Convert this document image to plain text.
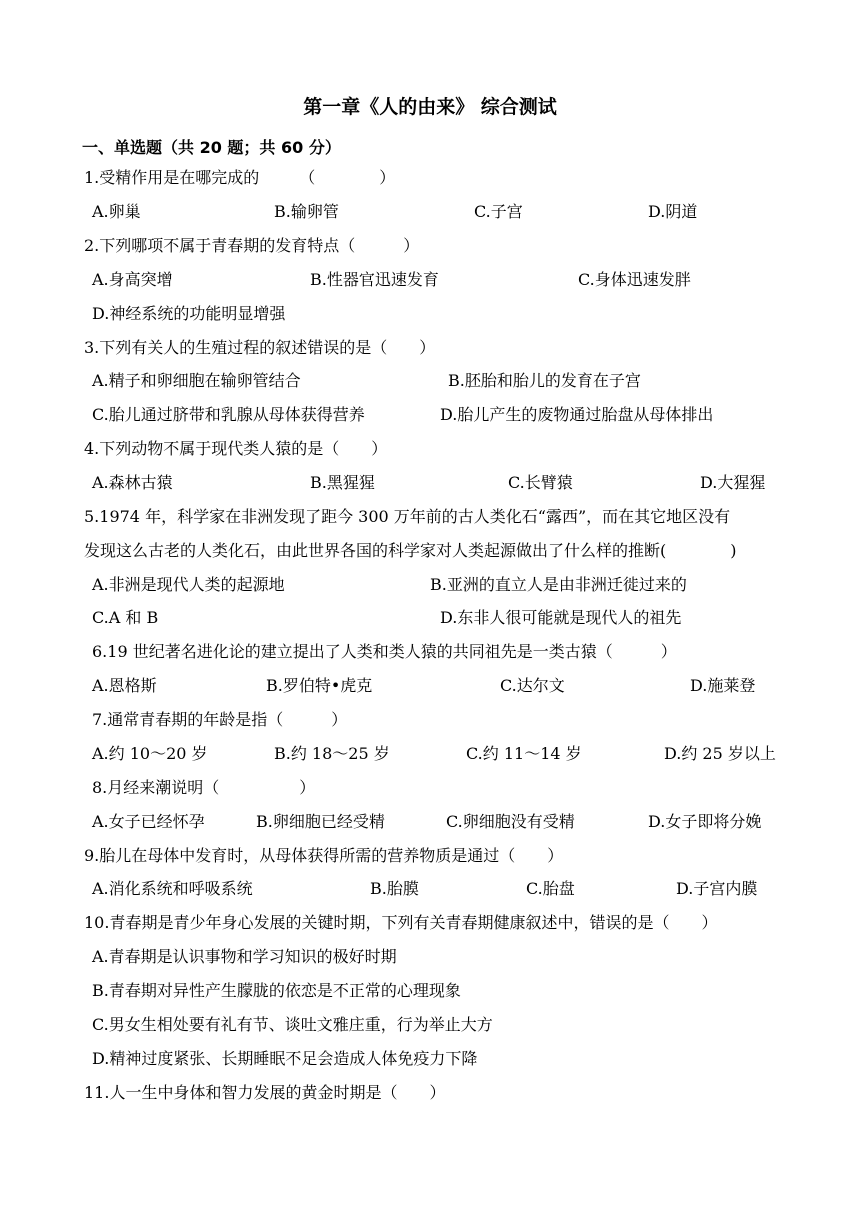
第一章《人的由来》 综合测试
一、单选题（共 20 题；共 60 分）
1.受精作用是在哪完成的　　　（　　　　）
A.卵巢	B.输卵管	C.子宫	D.阴道
2.下列哪项不属于青春期的发育特点（　　　）
A.身高突增	B.性器官迅速发育	C.身体迅速发胖
D.神经系统的功能明显增强
3.下列有关人的生殖过程的叙述错误的是（　　）
A.精子和卵细胞在输卵管结合	B.胚胎和胎儿的发育在子宫
C.胎儿通过脐带和乳腺从母体获得营养	D.胎儿产生的废物通过胎盘从母体排出
4.下列动物不属于现代类人猿的是（　　）
A.森林古猿	B.黑猩猩	C.长臂猿	D.大猩猩
5.1974 年，科学家在非洲发现了距今 300 万年前的古人类化石“露西”，而在其它地区没有
发现这么古老的人类化石，由此世界各国的科学家对人类起源做出了什么样的推断(　　　　)
A.非洲是现代人类的起源地	B.亚洲的直立人是由非洲迁徙过来的
C.A 和 B	D.东非人很可能就是现代人的祖先
6.19 世纪著名进化论的建立提出了人类和类人猿的共同祖先是一类古猿（　　　）
A.恩格斯	B.罗伯特•虎克	C.达尔文	D.施莱登
7.通常青春期的年龄是指（　　　）
A.约 10～20 岁	B.约 18～25 岁	C.约 11～14 岁	D.约 25 岁以上
8.月经来潮说明（　　　　　）
A.女子已经怀孕	B.卵细胞已经受精	C.卵细胞没有受精	D.女子即将分娩
9.胎儿在母体中发育时，从母体获得所需的营养物质是通过（　　）
A.消化系统和呼吸系统	B.胎膜	C.胎盘	D.子宫内膜
10.青春期是青少年身心发展的关键时期，下列有关青春期健康叙述中，错误的是（　　）
A.青春期是认识事物和学习知识的极好时期
B.青春期对异性产生朦胧的依恋是不正常的心理现象
C.男女生相处要有礼有节、谈吐文雅庄重，行为举止大方
D.精神过度紧张、长期睡眠不足会造成人体免疫力下降
11.人一生中身体和智力发展的黄金时期是（　　）
